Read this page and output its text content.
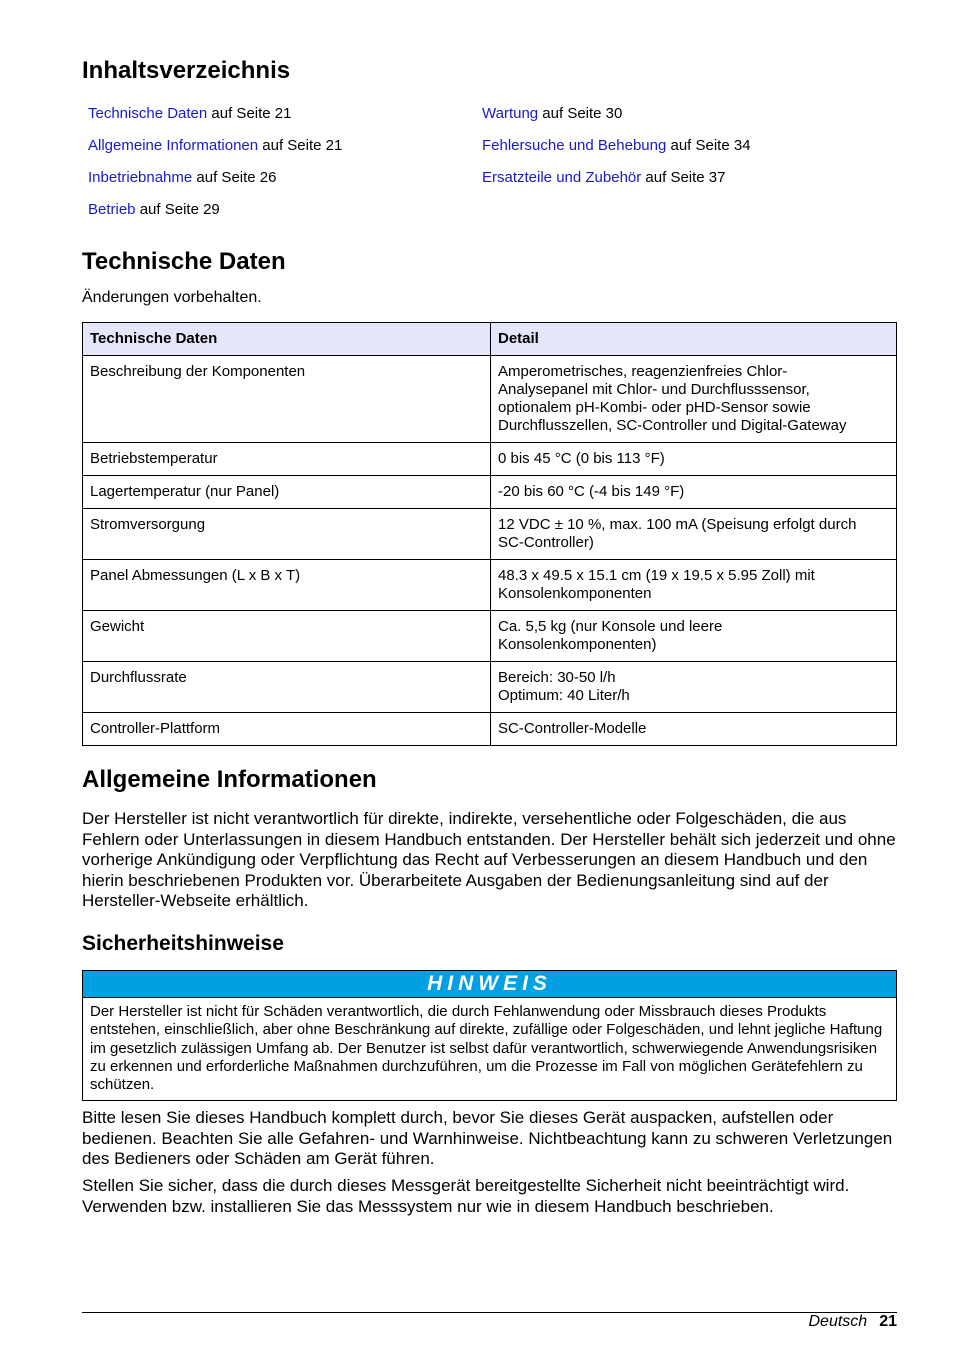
Inhaltsverzeichnis
Technische Daten auf Seite 21
Allgemeine Informationen auf Seite 21
Inbetriebnahme auf Seite 26
Betrieb auf Seite 29
Wartung auf Seite 30
Fehlersuche und Behebung auf Seite 34
Ersatzteile und Zubehör auf Seite 37
Technische Daten
Änderungen vorbehalten.
Technische Daten	Detail
Beschreibung der Komponenten	Amperometrisches, reagenzienfreies Chlor-
Analysepanel mit Chlor- und Durchflusssensor,
optionalem pH-Kombi- oder pHD-Sensor sowie
Durchflusszellen, SC-Controller und Digital-Gateway

Betriebstemperatur	0 bis 45 °C (0 bis 113 °F)

Lagertemperatur (nur Panel)	-20 bis 60 °C (-4 bis 149 °F)

Stromversorgung	12 VDC ± 10 %, max. 100 mA (Speisung erfolgt durch
SC-Controller)

Panel Abmessungen (L x B x T)	48.3 x 49.5 x 15.1 cm (19 x 19.5 x 5.95 Zoll) mit
Konsolenkomponenten

Gewicht	Ca. 5,5 kg (nur Konsole und leere
Konsolenkomponenten)

Durchflussrate	Bereich: 30-50 l/h
Optimum: 40 Liter/h

Controller-Plattform	SC-Controller-Modelle
Allgemeine Informationen

Der Hersteller ist nicht verantwortlich für direkte, indirekte, versehentliche oder Folgeschäden, die aus Fehlern oder Unterlassungen in diesem Handbuch entstanden. Der Hersteller behält sich jederzeit und ohne vorherige Ankündigung oder Verpflichtung das Recht auf Verbesserungen an diesem Handbuch und den hierin beschriebenen Produkten vor. Überarbeitete Ausgaben der Bedienungsanleitung sind auf der Hersteller-Webseite erhältlich.

Sicherheitshinweise
HINWEIS
Der Hersteller ist nicht für Schäden verantwortlich, die durch Fehlanwendung oder Missbrauch dieses Produkts entstehen, einschließlich, aber ohne Beschränkung auf direkte, zufällige oder Folgeschäden, und lehnt jegliche Haftung im gesetzlich zulässigen Umfang ab. Der Benutzer ist selbst dafür verantwortlich, schwerwiegende Anwendungsrisiken zu erkennen und erforderliche Maßnahmen durchzuführen, um die Prozesse im Fall von möglichen Gerätefehlern zu schützen.

Bitte lesen Sie dieses Handbuch komplett durch, bevor Sie dieses Gerät auspacken, aufstellen oder bedienen. Beachten Sie alle Gefahren- und Warnhinweise. Nichtbeachtung kann zu schweren Verletzungen des Bedieners oder Schäden am Gerät führen.

Stellen Sie sicher, dass die durch dieses Messgerät bereitgestellte Sicherheit nicht beeinträchtigt wird. Verwenden bzw. installieren Sie das Messsystem nur wie in diesem Handbuch beschrieben.

Deutsch 21
